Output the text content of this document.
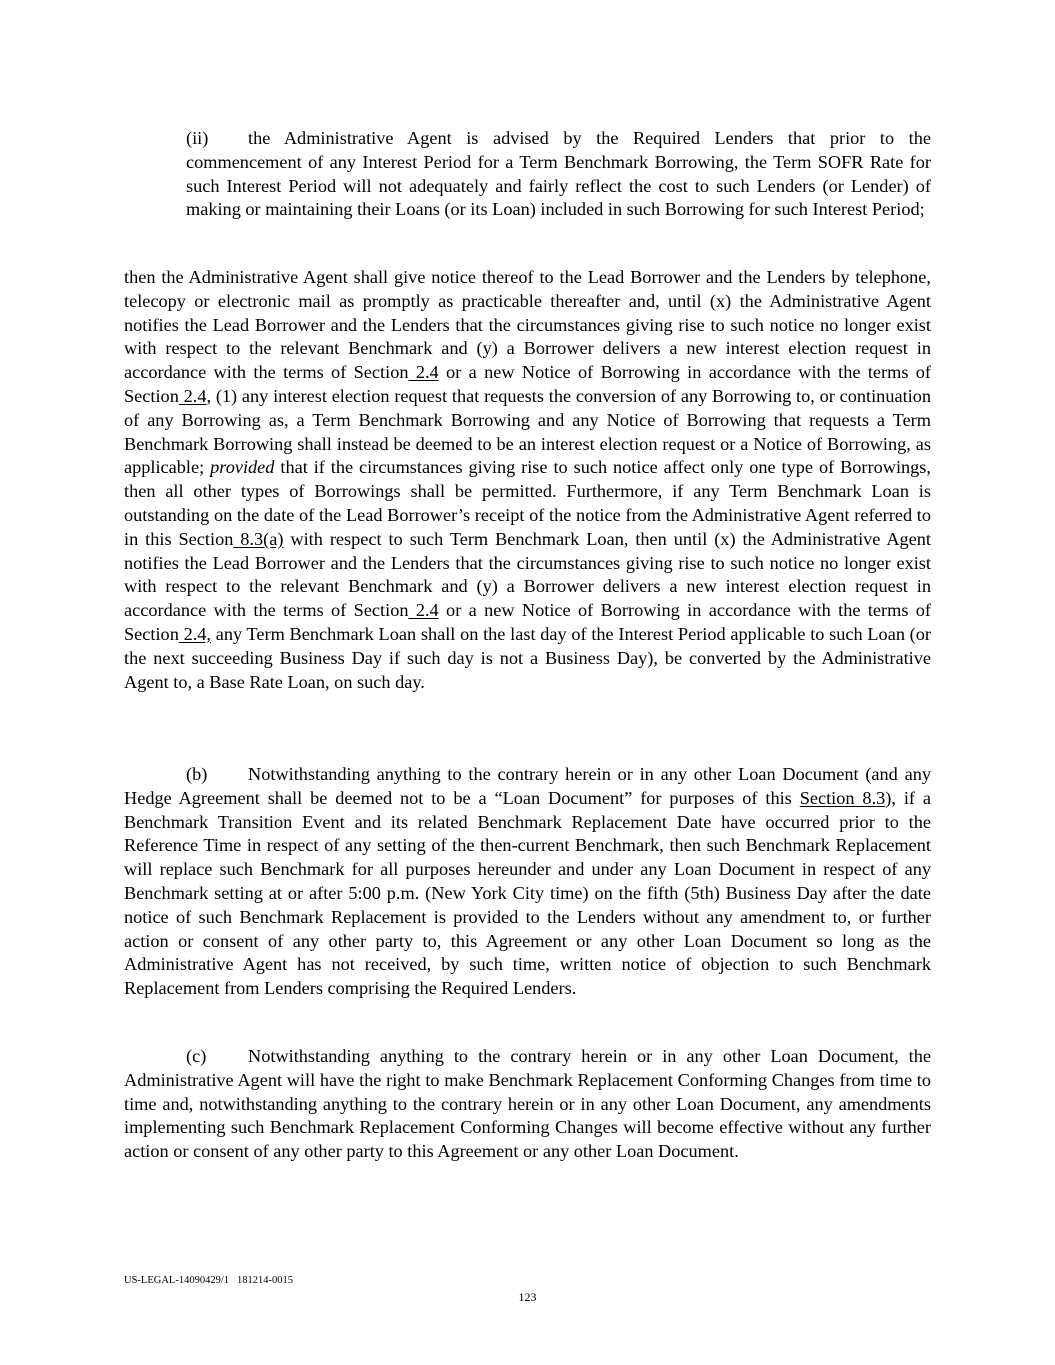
(ii) the Administrative Agent is advised by the Required Lenders that prior to the commencement of any Interest Period for a Term Benchmark Borrowing, the Term SOFR Rate for such Interest Period will not adequately and fairly reflect the cost to such Lenders (or Lender) of making or maintaining their Loans (or its Loan) included in such Borrowing for such Interest Period;

then the Administrative Agent shall give notice thereof to the Lead Borrower and the Lenders by telephone, telecopy or electronic mail as promptly as practicable thereafter and, until (x) the Administrative Agent notifies the Lead Borrower and the Lenders that the circumstances giving rise to such notice no longer exist with respect to the relevant Benchmark and (y) a Borrower delivers a new interest election request in accordance with the terms of Section 2.4 or a new Notice of Borrowing in accordance with the terms of Section 2.4, (1) any interest election request that requests the conversion of any Borrowing to, or continuation of any Borrowing as, a Term Benchmark Borrowing and any Notice of Borrowing that requests a Term Benchmark Borrowing shall instead be deemed to be an interest election request or a Notice of Borrowing, as applicable; provided that if the circumstances giving rise to such notice affect only one type of Borrowings, then all other types of Borrowings shall be permitted. Furthermore, if any Term Benchmark Loan is outstanding on the date of the Lead Borrower’s receipt of the notice from the Administrative Agent referred to in this Section 8.3(a) with respect to such Term Benchmark Loan, then until (x) the Administrative Agent notifies the Lead Borrower and the Lenders that the circumstances giving rise to such notice no longer exist with respect to the relevant Benchmark and (y) a Borrower delivers a new interest election request in accordance with the terms of Section 2.4 or a new Notice of Borrowing in accordance with the terms of Section 2.4, any Term Benchmark Loan shall on the last day of the Interest Period applicable to such Loan (or the next succeeding Business Day if such day is not a Business Day), be converted by the Administrative Agent to, a Base Rate Loan, on such day.

(b) Notwithstanding anything to the contrary herein or in any other Loan Document (and any Hedge Agreement shall be deemed not to be a “Loan Document” for purposes of this Section 8.3), if a Benchmark Transition Event and its related Benchmark Replacement Date have occurred prior to the Reference Time in respect of any setting of the then-current Benchmark, then such Benchmark Replacement will replace such Benchmark for all purposes hereunder and under any Loan Document in respect of any Benchmark setting at or after 5:00 p.m. (New York City time) on the fifth (5th) Business Day after the date notice of such Benchmark Replacement is provided to the Lenders without any amendment to, or further action or consent of any other party to, this Agreement or any other Loan Document so long as the Administrative Agent has not received, by such time, written notice of objection to such Benchmark Replacement from Lenders comprising the Required Lenders.

(c) Notwithstanding anything to the contrary herein or in any other Loan Document, the Administrative Agent will have the right to make Benchmark Replacement Conforming Changes from time to time and, notwithstanding anything to the contrary herein or in any other Loan Document, any amendments implementing such Benchmark Replacement Conforming Changes will become effective without any further action or consent of any other party to this Agreement or any other Loan Document.

US-LEGAL-14090429/1 181214-0015

123
